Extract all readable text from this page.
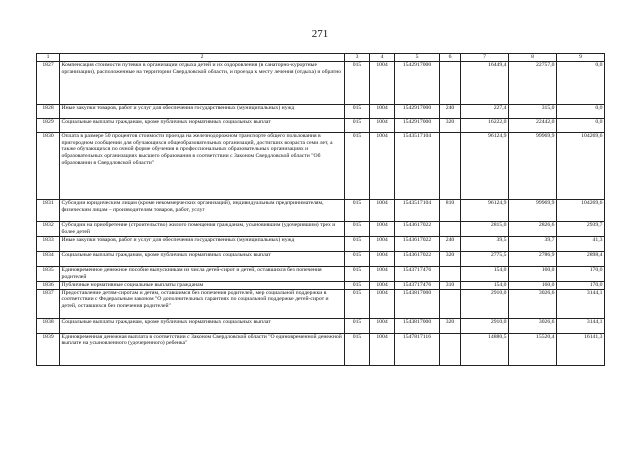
271
1	2	3	4	5	6	7	8	9
1827	Компенсация стоимости путевки в организации отдыха детей и их оздоровления (в санаторно-курортные организации), расположенные на территории Свердловской области, и проезда к месту лечения (отдыха) и обратно	015	1004	1542917000		16449,4	22757,0	0,0
1828	Иные закупки товаров, работ и услуг для обеспечения государственных (муниципальных) нужд	015	1004	1542917000	240	227,4	315,0	0,0
1829	Социальные выплаты гражданам, кроме публичных нормативных социальных выплат	015	1004	1542917000	320	16222,0	22442,0	0,0
1830	Оплата в размере 50 процентов стоимости проезда на железнодорожном транспорте общего пользования в пригородном сообщении для обучающихся общеобразовательных организаций, достигших возраста семи лет, а также обучающихся по очной форме обучения в профессиональных образовательных организациях и образовательных организациях высшего образования в соответствии с Законом Свердловской области "Об образовании в Свердловской области"	015	1004	1543517104		96124,9	99969,9	104269,6
1831	Субсидии юридическим лицам (кроме некоммерческих организаций), индивидуальным предпринимателям, физическим лицам – производителям товаров, работ, услуг	015	1004	1543517104	810	96124,9	99969,9	104269,6
1832	Субсидии на приобретение (строительство) жилого помещения гражданам, усыновившим (удочерившим) трех и более детей	015	1004	1543617022		2815,0	2826,6	2939,7
1833	Иные закупки товаров, работ и услуг для обеспечения государственных (муниципальных) нужд	015	1004	1543617022	240	39,5	39,7	41,3
1834	Социальные выплаты гражданам, кроме публичных нормативных социальных выплат	015	1004	1543617022	320	2775,5	2786,9	2898,4
1835	Единовременное денежное пособие выпускникам из числа детей-сирот и детей, оставшихся без попечения родителей	015	1004	1543717476		154,0	160,0	170,0
1836	Публичные нормативные социальные выплаты гражданам	015	1004	1543717476	310	154,0	160,0	170,0
1837	Предоставление детям-сиротам и детям, оставшимся без попечения родителей, мер социальной поддержки в соответствии с Федеральным законом "О дополнительных гарантиях по социальной поддержке детей-сирот и детей, оставшихся без попечения родителей"	015	1004	1543817000		2910,0	3026,6	3144,1
1838	Социальные выплаты гражданам, кроме публичных нормативных социальных выплат	015	1004	1543817000	320	2910,0	3026,6	3144,1
1839	Единовременная денежная выплата в соответствии с Законом Свердловской области "О единовременной денежной выплате на усыновленного (удочеренного) ребенка"	015	1004	1547817116		14880,5	15520,4	16141,3
